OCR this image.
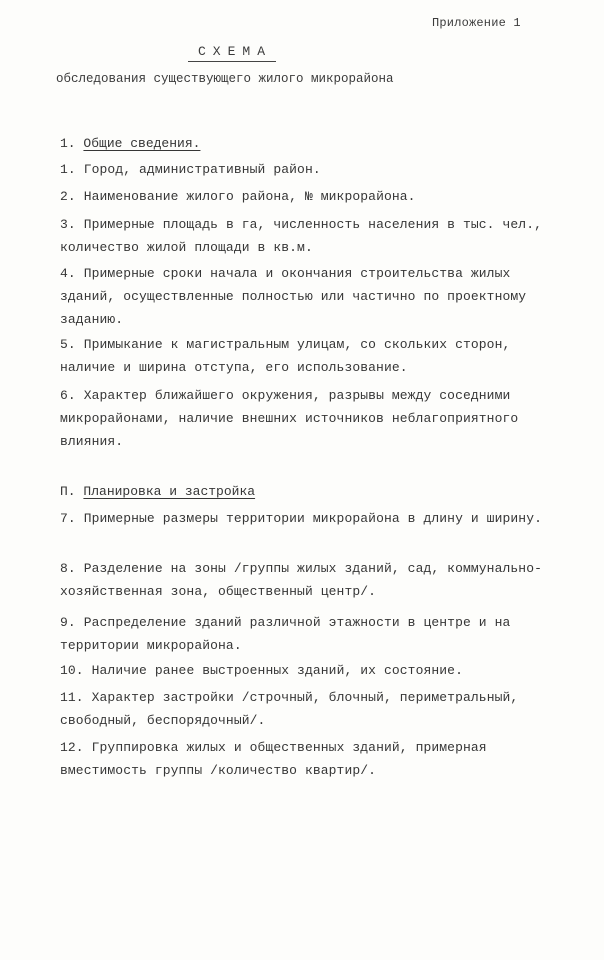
Приложение 1
СХЕМА
обследования существующего жилого микрорайона
1. Общие сведения.
1. Город, административный район.
2. Наименование жилого района, № микрорайона.
3. Примерные площадь в га, численность населения в тыс. чел., количество жилой площади в кв.м.
4. Примерные сроки начала и окончания строительства жилых зданий, осуществленные полностью или частично по проектному заданию.
5. Примыкание к магистральным улицам, со скольких сторон, наличие и ширина отступа, его использование.
6. Характер ближайшего окружения, разрывы между соседними микрорайонами, наличие внешних источников неблагоприятного влияния.
П. Планировка и застройка
7. Примерные размеры территории микрорайона в длину и ширину.
8. Разделение на зоны /группы жилых зданий, сад, коммунально-хозяйственная зона, общественный центр/.
9. Распределение зданий различной этажности в центре и на территории микрорайона.
10. Наличие ранее выстроенных зданий, их состояние.
11. Характер застройки /строчный, блочный, периметральный, свободный, беспорядочный/.
12. Группировка жилых и общественных зданий, примерная вместимость группы /количество квартир/.
